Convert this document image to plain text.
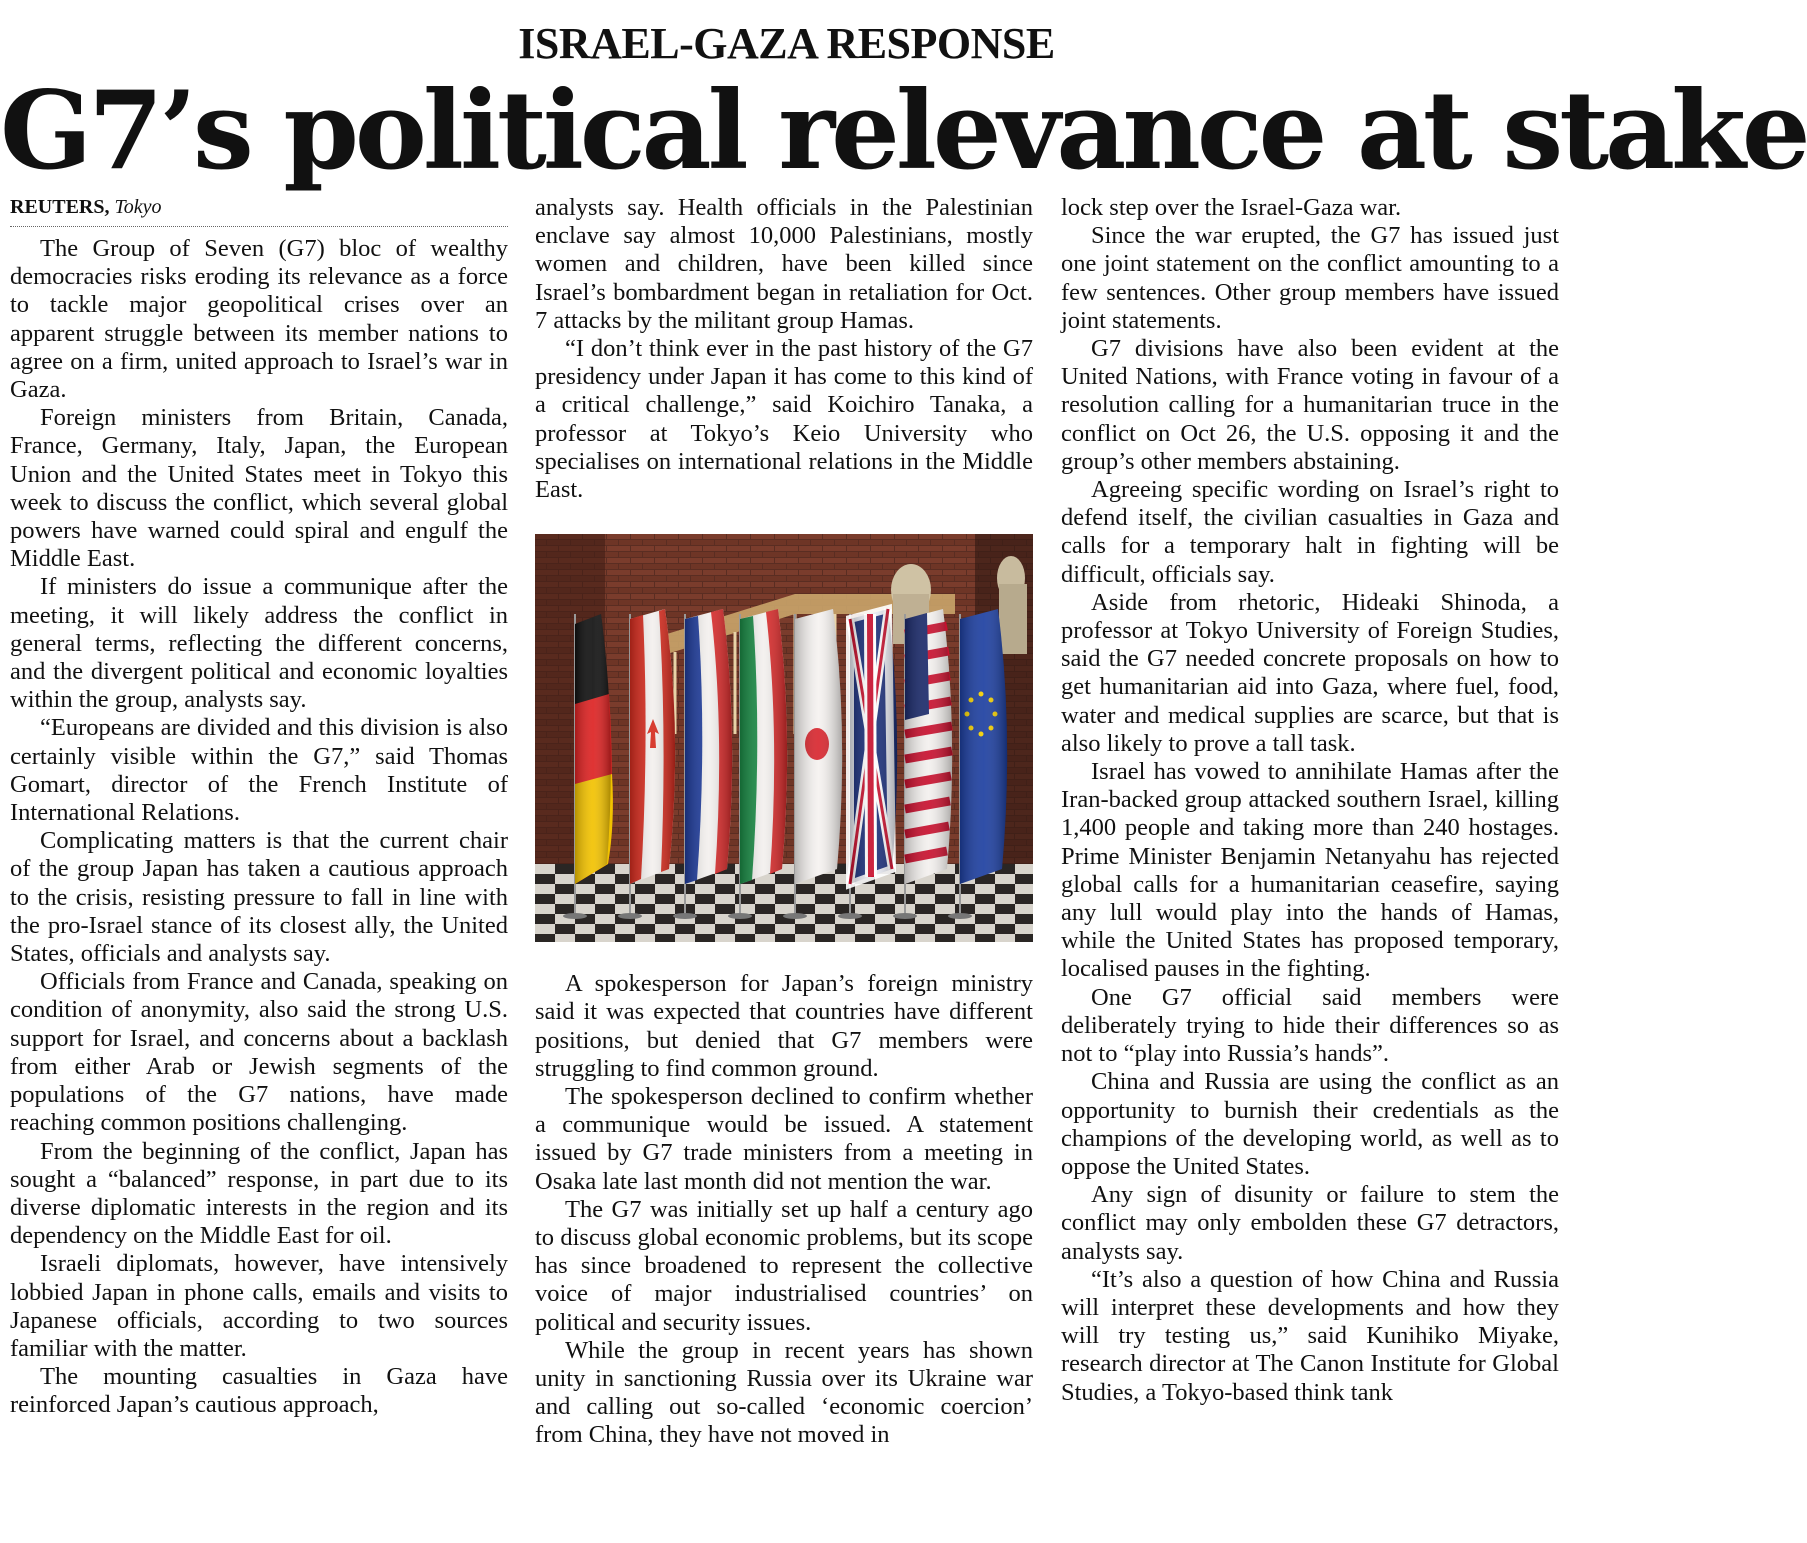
ISRAEL-GAZA RESPONSE
G7’s political relevance at stake
REUTERS, Tokyo

The Group of Seven (G7) bloc of wealthy democracies risks eroding its relevance as a force to tackle major geopolitical crises over an apparent struggle between its member nations to agree on a firm, united approach to Israel’s war in Gaza.

Foreign ministers from Britain, Canada, France, Germany, Italy, Japan, the European Union and the United States meet in Tokyo this week to discuss the conflict, which several global powers have warned could spiral and engulf the Middle East.

If ministers do issue a communique after the meeting, it will likely address the conflict in general terms, reflecting the different concerns, and the divergent political and economic loyalties within the group, analysts say.

“Europeans are divided and this division is also certainly visible within the G7,” said Thomas Gomart, director of the French Institute of International Relations.

Complicating matters is that the current chair of the group Japan has taken a cautious approach to the crisis, resisting pressure to fall in line with the pro-Israel stance of its closest ally, the United States, officials and analysts say.

Officials from France and Canada, speaking on condition of anonymity, also said the strong U.S. support for Israel, and concerns about a backlash from either Arab or Jewish segments of the populations of the G7 nations, have made reaching common positions challenging.

From the beginning of the conflict, Japan has sought a “balanced” response, in part due to its diverse diplomatic interests in the region and its dependency on the Middle East for oil.

Israeli diplomats, however, have intensively lobbied Japan in phone calls, emails and visits to Japanese officials, according to two sources familiar with the matter.

The mounting casualties in Gaza have reinforced Japan’s cautious approach,

analysts say. Health officials in the Palestinian enclave say almost 10,000 Palestinians, mostly women and children, have been killed since Israel’s bombardment began in retaliation for Oct. 7 attacks by the militant group Hamas.

“I don’t think ever in the past history of the G7 presidency under Japan it has come to this kind of a critical challenge,” said Koichiro Tanaka, a professor at Tokyo’s Keio University who specialises on international relations in the Middle East.

A spokesperson for Japan’s foreign ministry said it was expected that countries have different positions, but denied that G7 members were struggling to find common ground.

The spokesperson declined to confirm whether a communique would be issued. A statement issued by G7 trade ministers from a meeting in Osaka late last month did not mention the war.

The G7 was initially set up half a century ago to discuss global economic problems, but its scope has since broadened to represent the collective voice of major industrialised countries’ on political and security issues.

While the group in recent years has shown unity in sanctioning Russia over its Ukraine war and calling out so-called ‘economic coercion’ from China, they have not moved in

lock step over the Israel-Gaza war.

Since the war erupted, the G7 has issued just one joint statement on the conflict amounting to a few sentences. Other group members have issued joint statements.

G7 divisions have also been evident at the United Nations, with France voting in favour of a resolution calling for a humanitarian truce in the conflict on Oct 26, the U.S. opposing it and the group’s other members abstaining.

Agreeing specific wording on Israel’s right to defend itself, the civilian casualties in Gaza and calls for a temporary halt in fighting will be difficult, officials say.

Aside from rhetoric, Hideaki Shinoda, a professor at Tokyo University of Foreign Studies, said the G7 needed concrete proposals on how to get humanitarian aid into Gaza, where fuel, food, water and medical supplies are scarce, but that is also likely to prove a tall task.

Israel has vowed to annihilate Hamas after the Iran-backed group attacked southern Israel, killing 1,400 people and taking more than 240 hostages. Prime Minister Benjamin Netanyahu has rejected global calls for a humanitarian ceasefire, saying any lull would play into the hands of Hamas, while the United States has proposed temporary, localised pauses in the fighting.

One G7 official said members were deliberately trying to hide their differences so as not to “play into Russia’s hands”.

China and Russia are using the conflict as an opportunity to burnish their credentials as the champions of the developing world, as well as to oppose the United States.

Any sign of disunity or failure to stem the conflict may only embolden these G7 detractors, analysts say.

“It’s also a question of how China and Russia will interpret these developments and how they will try testing us,” said Kunihiko Miyake, research director at The Canon Institute for Global Studies, a Tokyo-based think tank
